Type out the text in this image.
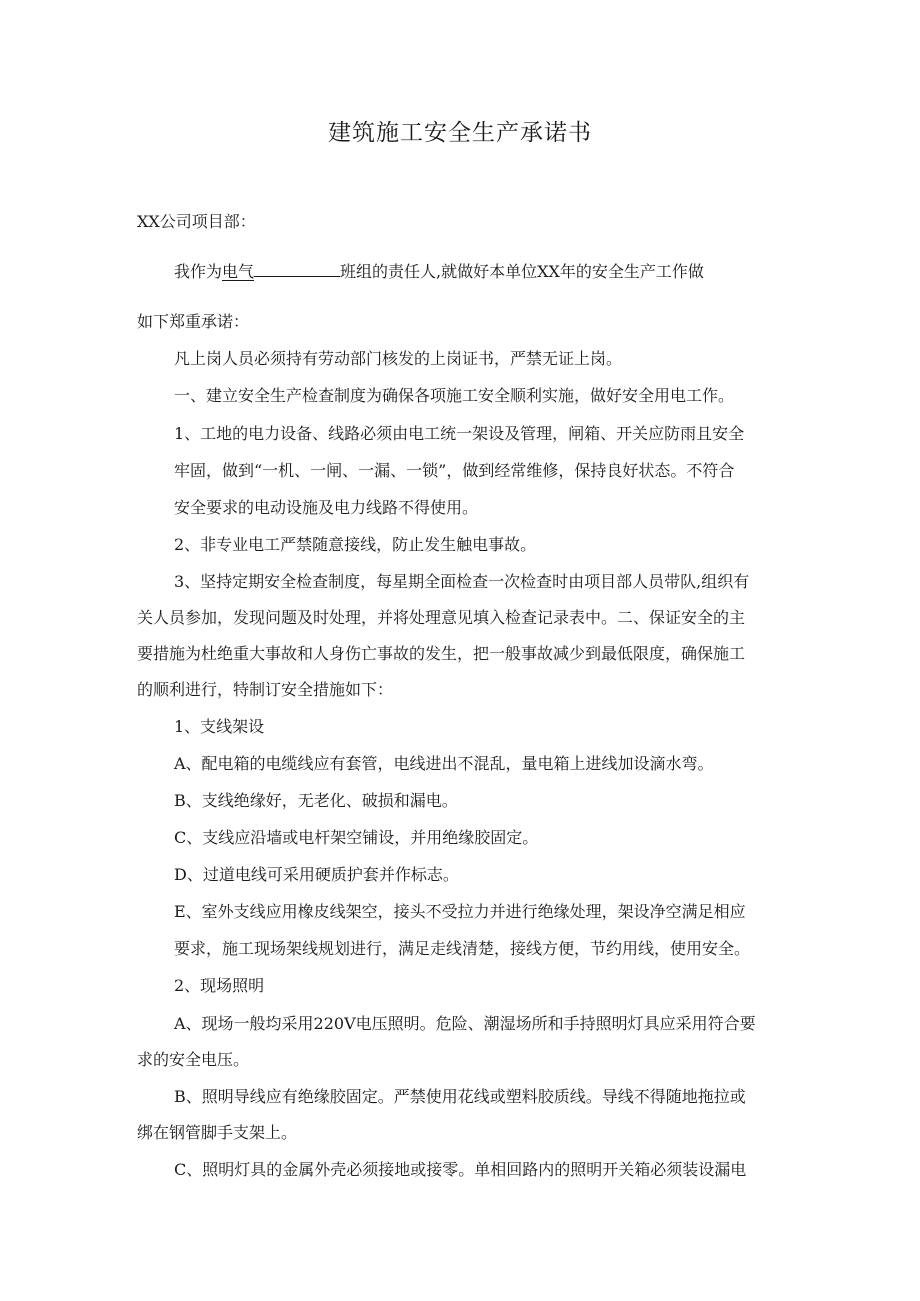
建筑施工安全生产承诺书
XX公司项目部：
我作为电气	班组的责任人,就做好本单位XX年的安全生产工作做
如下郑重承诺：
凡上岗人员必须持有劳动部门核发的上岗证书，严禁无证上岗。
一、建立安全生产检查制度为确保各项施工安全顺利实施，做好安全用电工作。
1、工地的电力设备、线路必须由电工统一架设及管理，闸箱、开关应防雨且安全
牢固，做到“一机、一闸、一漏、一锁”，做到经常维修，保持良好状态。不符合
安全要求的电动设施及电力线路不得使用。
2、非专业电工严禁随意接线，防止发生触电事故。
3、坚持定期安全检查制度，每星期全面检查一次检查时由项目部人员带队,组织有
关人员参加，发现问题及时处理，并将处理意见填入检查记录表中。二、保证安全的主
要措施为杜绝重大事故和人身伤亡事故的发生，把一般事故减少到最低限度，确保施工
的顺利进行，特制订安全措施如下：
1、支线架设
A、配电箱的电缆线应有套管，电线进出不混乱，量电箱上进线加设滴水弯。
B、支线绝缘好，无老化、破损和漏电。
C、支线应沿墙或电杆架空铺设，并用绝缘胶固定。
D、过道电线可采用硬质护套并作标志。
E、室外支线应用橡皮线架空，接头不受拉力并进行绝缘处理，架设净空满足相应
要求，施工现场架线规划进行，满足走线清楚，接线方便，节约用线，使用安全。
2、现场照明
A、现场一般均采用220V电压照明。危险、潮湿场所和手持照明灯具应采用符合要
求的安全电压。
B、照明导线应有绝缘胶固定。严禁使用花线或塑料胶质线。导线不得随地拖拉或
绑在钢管脚手支架上。
C、照明灯具的金属外壳必须接地或接零。单相回路内的照明开关箱必须装设漏电
